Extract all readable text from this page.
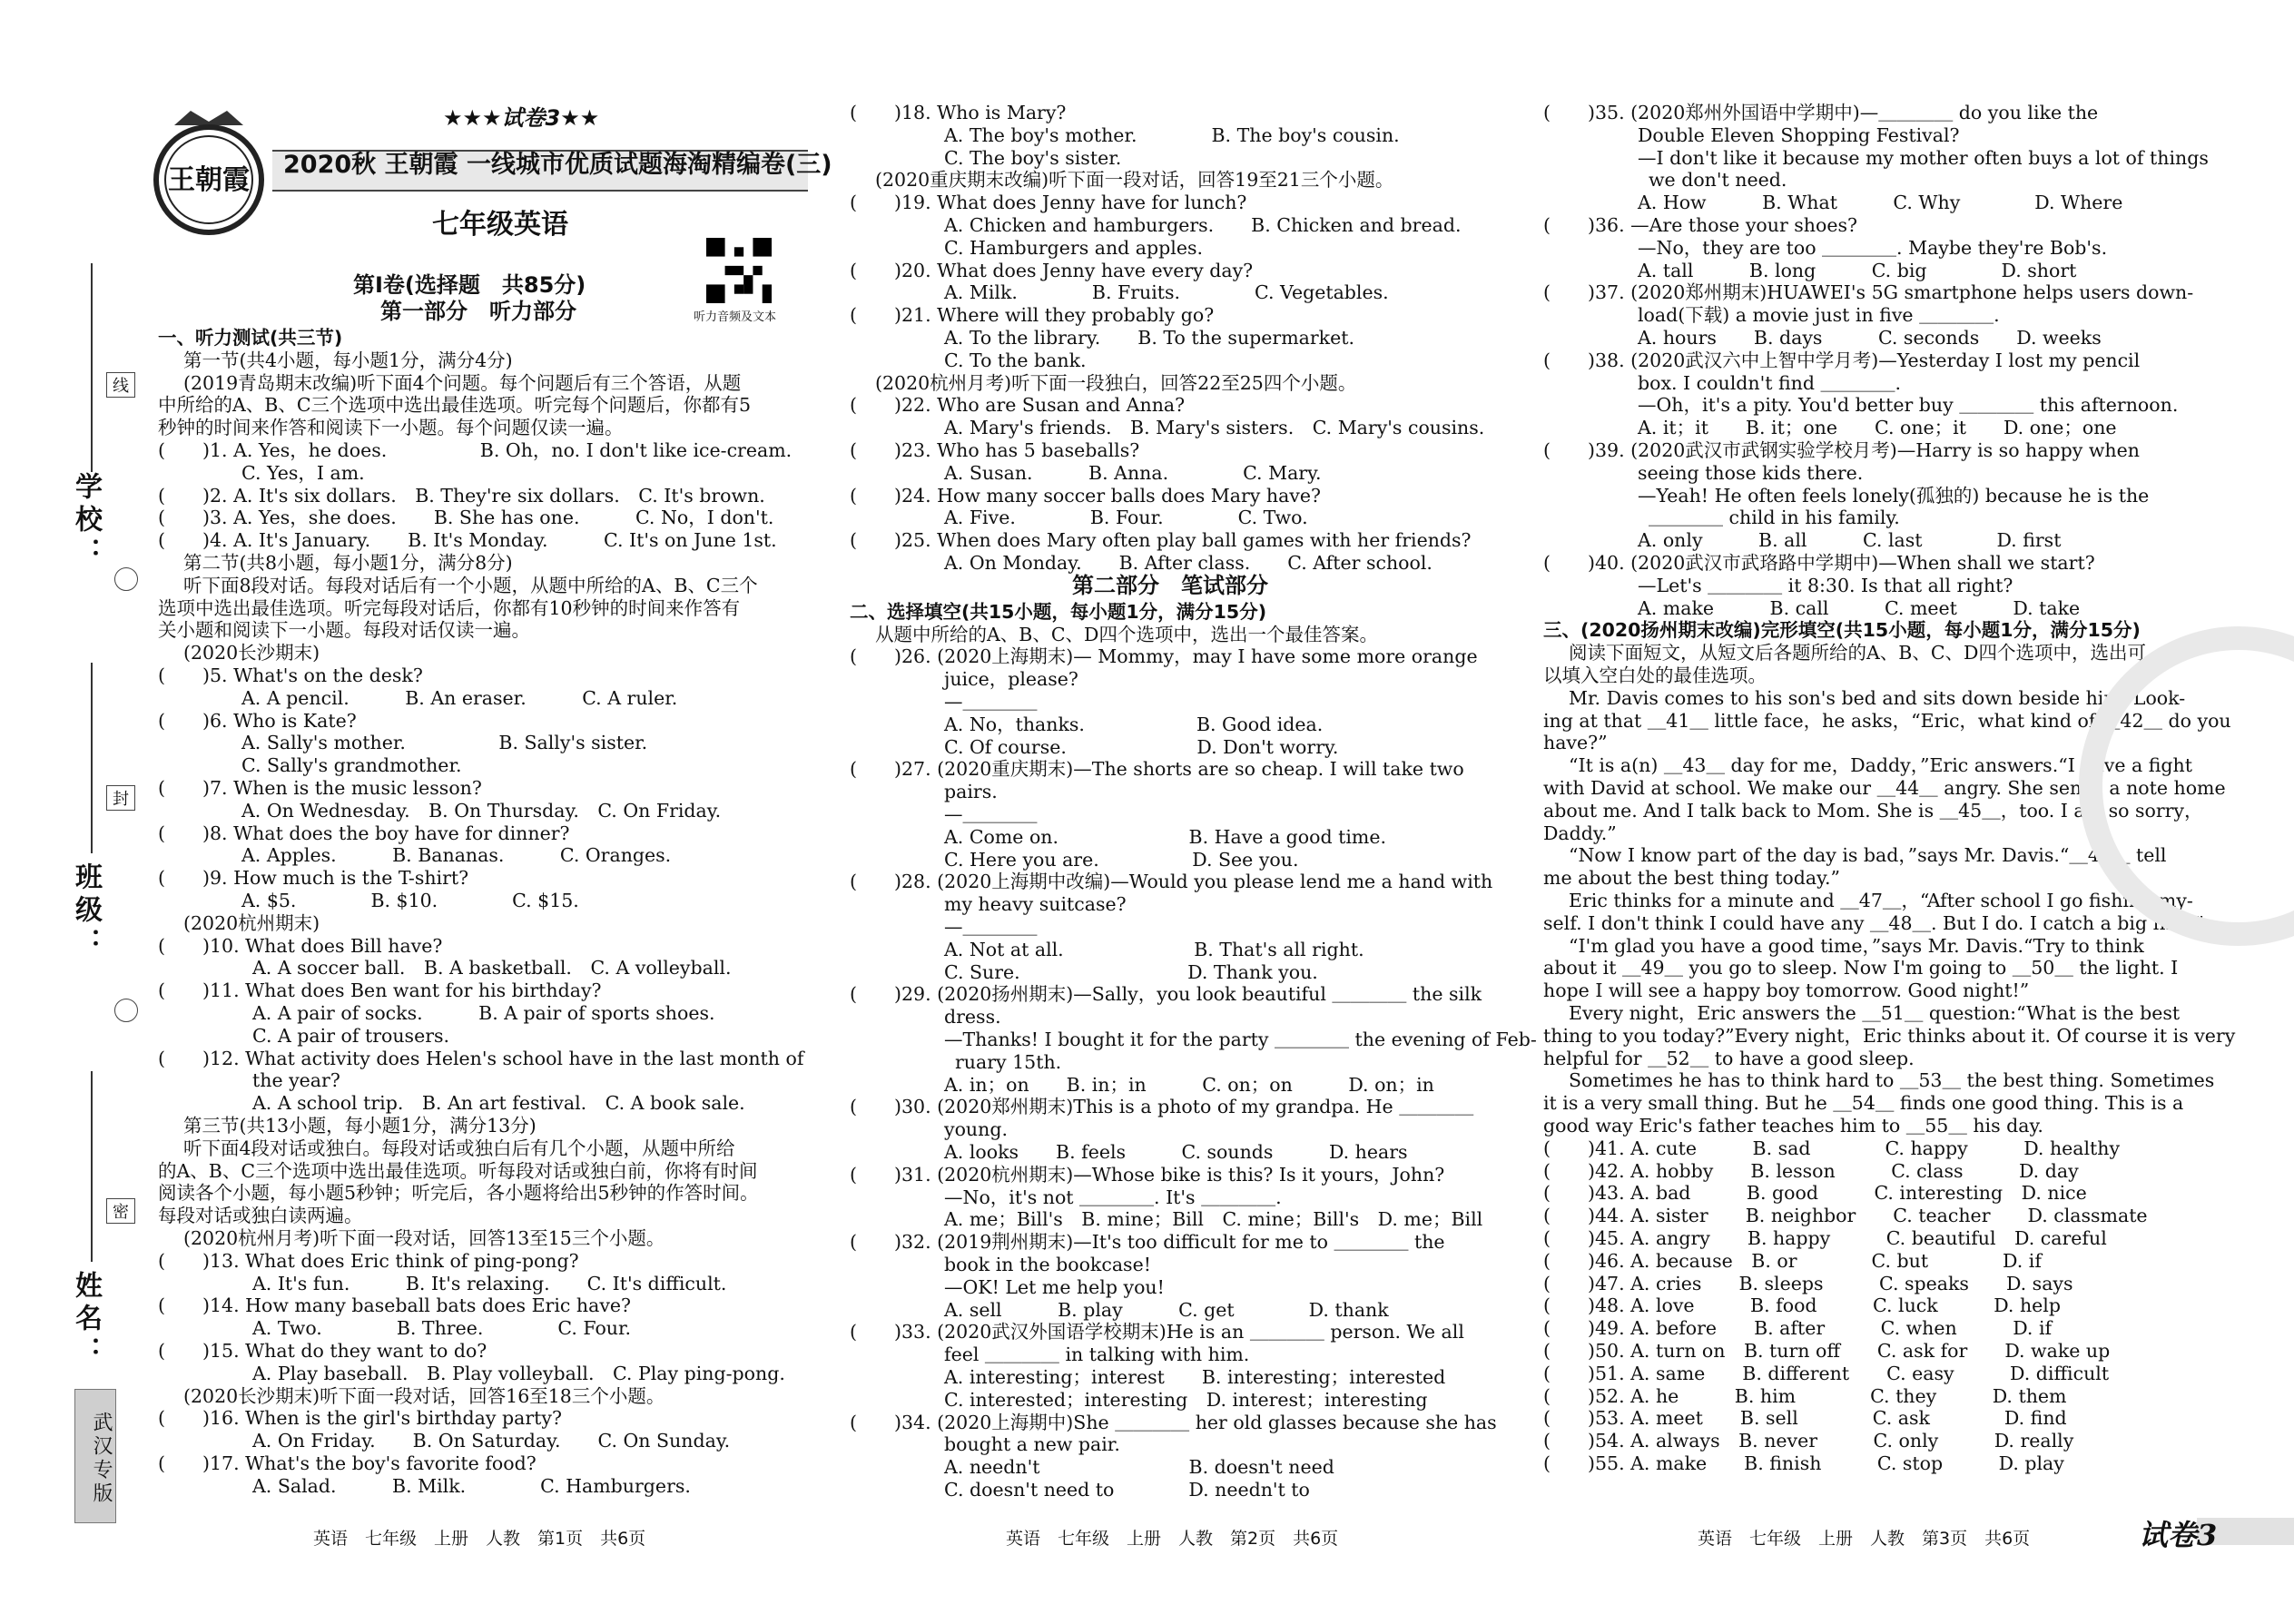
学校：
班级：
姓名：
线
封
密
武汉专版
王朝霞
★★★试卷3★★
2020秋 王朝霞 一线城市优质试题海淘精编卷(三)
七年级英语
听力音频及文本
第Ⅰ卷(选择题　共85分)
第一部分　听力部分
一、听力测试(共三节)
第一节(共4小题，每小题1分，满分4分)
(2019青岛期末改编)听下面4个问题。每个问题后有三个答语，从题
中所给的A、B、C三个选项中选出最佳选项。听完每个问题后，你都有5
秒钟的时间来作答和阅读下一小题。每个问题仅读一遍。
(　　)1. A. Yes，he does.　　　　　B. Oh，no. I don't like ice-cream.
C. Yes，I am.
(　　)2. A. It's six dollars.　B. They're six dollars.　C. It's brown.
(　　)3. A. Yes，she does.　　B. She has one.　　　C. No，I don't.
(　　)4. A. It's January.　　B. It's Monday.　　　C. It's on June 1st.
第二节(共8小题，每小题1分，满分8分)
听下面8段对话。每段对话后有一个小题，从题中所给的A、B、C三个
选项中选出最佳选项。听完每段对话后，你都有10秒钟的时间来作答有
关小题和阅读下一小题。每段对话仅读一遍。
(2020长沙期末)
(　　)5. What's on the desk?
A. A pencil.　　　B. An eraser.　　　C. A ruler.
(　　)6. Who is Kate?
A. Sally's mother.　　　　　B. Sally's sister.
C. Sally's grandmother.
(　　)7. When is the music lesson?
A. On Wednesday.　B. On Thursday.　C. On Friday.
(　　)8. What does the boy have for dinner?
A. Apples.　　　B. Bananas.　　　C. Oranges.
(　　)9. How much is the T-shirt?
A. $5.　　　　B. $10.　　　　C. $15.
(2020杭州期末)
(　　)10. What does Bill have?
A. A soccer ball.　B. A basketball.　C. A volleyball.
(　　)11. What does Ben want for his birthday?
A. A pair of socks.　　　B. A pair of sports shoes.
C. A pair of trousers.
(　　)12. What activity does Helen's school have in the last month of
the year?
A. A school trip.　B. An art festival.　C. A book sale.
第三节(共13小题，每小题1分，满分13分)
听下面4段对话或独白。每段对话或独白后有几个小题，从题中所给
的A、B、C三个选项中选出最佳选项。听每段对话或独白前，你将有时间
阅读各个小题，每小题5秒钟；听完后，各小题将给出5秒钟的作答时间。
每段对话或独白读两遍。
(2020杭州月考)听下面一段对话，回答13至15三个小题。
(　　)13. What does Eric think of ping-pong?
A. It's fun.　　　B. It's relaxing.　　C. It's difficult.
(　　)14. How many baseball bats does Eric have?
A. Two.　　　　B. Three.　　　　C. Four.
(　　)15. What do they want to do?
A. Play baseball.　B. Play volleyball.　C. Play ping-pong.
(2020长沙期末)听下面一段对话，回答16至18三个小题。
(　　)16. When is the girl's birthday party?
A. On Friday.　　B. On Saturday.　　C. On Sunday.
(　　)17. What's the boy's favorite food?
A. Salad.　　　B. Milk.　　　　C. Hamburgers.
(　　)18. Who is Mary?
A. The boy's mother.　　　　B. The boy's cousin.
C. The boy's sister.
(2020重庆期末改编)听下面一段对话，回答19至21三个小题。
(　　)19. What does Jenny have for lunch?
A. Chicken and hamburgers.　　B. Chicken and bread.
C. Hamburgers and apples.
(　　)20. What does Jenny have every day?
A. Milk.　　　　B. Fruits.　　　　C. Vegetables.
(　　)21. Where will they probably go?
A. To the library.　　B. To the supermarket.
C. To the bank.
(2020杭州月考)听下面一段独白，回答22至25四个小题。
(　　)22. Who are Susan and Anna?
A. Mary's friends.　B. Mary's sisters.　C. Mary's cousins.
(　　)23. Who has 5 baseballs?
A. Susan.　　　B. Anna.　　　　C. Mary.
(　　)24. How many soccer balls does Mary have?
A. Five.　　　　B. Four.　　　　C. Two.
(　　)25. When does Mary often play ball games with her friends?
A. On Monday.　　B. After class.　　C. After school.
第二部分　笔试部分
二、选择填空(共15小题，每小题1分，满分15分)
从题中所给的A、B、C、D四个选项中，选出一个最佳答案。
(　　)26. (2020上海期末)— Mommy，may I have some more orange
juice，please?
—＿＿＿＿
A. No，thanks.　　　　　　B. Good idea.
C. Of course.　　　　　　　D. Don't worry.
(　　)27. (2020重庆期末)—The shorts are so cheap. I will take two
pairs.
—＿＿＿＿
A. Come on.　　　　　　　B. Have a good time.
C. Here you are.　　　　　D. See you.
(　　)28. (2020上海期中改编)—Would you please lend me a hand with
my heavy suitcase?
—＿＿＿＿
A. Not at all.　　　　　　　B. That's all right.
C. Sure.　　　　　　　　　D. Thank you.
(　　)29. (2020扬州期末)—Sally，you look beautiful ＿＿＿＿ the silk
dress.
—Thanks! I bought it for the party ＿＿＿＿ the evening of Feb-
ruary 15th.
A. in；on　　B. in；in　　　C. on；on　　　D. on；in
(　　)30. (2020郑州期末)This is a photo of my grandpa. He ＿＿＿＿
young.
A. looks　　B. feels　　　C. sounds　　　D. hears
(　　)31. (2020杭州期末)—Whose bike is this? Is it yours，John?
—No，it's not ＿＿＿＿. It's ＿＿＿＿.
A. me；Bill's　B. mine；Bill　C. mine；Bill's　D. me；Bill
(　　)32. (2019荆州期末)—It's too difficult for me to ＿＿＿＿ the
book in the bookcase!
—OK! Let me help you!
A. sell　　　B. play　　　C. get　　　　D. thank
(　　)33. (2020武汉外国语学校期末)He is an ＿＿＿＿ person. We all
feel ＿＿＿＿ in talking with him.
A. interesting；interest　　B. interesting；interested
C. interested；interesting　D. interest；interesting
(　　)34. (2020上海期中)She ＿＿＿＿ her old glasses because she has
bought a new pair.
A. needn't　　　　　　　　B. doesn't need
C. doesn't need to　　　　D. needn't to
(　　)35. (2020郑州外国语中学期中)—＿＿＿＿ do you like the
Double Eleven Shopping Festival?
—I don't like it because my mother often buys a lot of things
we don't need.
A. How　　　B. What　　　C. Why　　　　D. Where
(　　)36. —Are those your shoes?
—No，they are too ＿＿＿＿. Maybe they're Bob's.
A. tall　　　B. long　　　C. big　　　　D. short
(　　)37. (2020郑州期末)HUAWEI's 5G smartphone helps users down-
load(下载) a movie just in five ＿＿＿＿.
A. hours　　B. days　　　C. seconds　　D. weeks
(　　)38. (2020武汉六中上智中学月考)—Yesterday I lost my pencil
box. I couldn't find ＿＿＿＿.
—Oh，it's a pity. You'd better buy ＿＿＿＿ this afternoon.
A. it；it　　B. it；one　　C. one；it　　D. one；one
(　　)39. (2020武汉市武钢实验学校月考)—Harry is so happy when
seeing those kids there.
—Yeah! He often feels lonely(孤独的) because he is the
＿＿＿＿ child in his family.
A. only　　　B. all　　　C. last　　　　D. first
(　　)40. (2020武汉市武珞路中学期中)—When shall we start?
—Let's ＿＿＿＿ it 8:30. Is that all right?
A. make　　　B. call　　　C. meet　　　D. take
三、(2020扬州期末改编)完形填空(共15小题，每小题1分，满分15分)
阅读下面短文，从短文后各题所给的A、B、C、D四个选项中，选出可
以填入空白处的最佳选项。
Mr. Davis comes to his son's bed and sits down beside him. Look-
ing at that ＿41＿ little face，he asks，“Eric，what kind of ＿42＿ do you
have?”
“It is a(n) ＿43＿ day for me，Daddy，”Eric answers.“I have a fight
with David at school. We make our ＿44＿ angry. She sends a note home
about me. And I talk back to Mom. She is ＿45＿，too. I am so sorry，
Daddy.”
“Now I know part of the day is bad，”says Mr. Davis.“＿46＿ tell
me about the best thing today.”
Eric thinks for a minute and ＿47＿，“After school I go fishing my-
self. I don't think I could have any ＿48＿. But I do. I catch a big fish!”
“I'm glad you have a good time，”says Mr. Davis.“Try to think
about it ＿49＿ you go to sleep. Now I'm going to ＿50＿ the light. I
hope I will see a happy boy tomorrow. Good night!”
Every night，Eric answers the ＿51＿ question:“What is the best
thing to you today?”Every night，Eric thinks about it. Of course it is very
helpful for ＿52＿ to have a good sleep.
Sometimes he has to think hard to ＿53＿ the best thing. Sometimes
it is a very small thing. But he ＿54＿ finds one good thing. This is a
good way Eric's father teaches him to ＿55＿ his day.
(　　)41. A. cute　　　B. sad　　　　C. happy　　　D. healthy
(　　)42. A. hobby　　B. lesson　　　C. class　　　D. day
(　　)43. A. bad　　　B. good　　　C. interesting　D. nice
(　　)44. A. sister　　B. neighbor　　C. teacher　　D. classmate
(　　)45. A. angry　　B. happy　　　C. beautiful　D. careful
(　　)46. A. because　B. or　　　　C. but　　　　D. if
(　　)47. A. cries　　B. sleeps　　　C. speaks　　D. says
(　　)48. A. love　　　B. food　　　C. luck　　　D. help
(　　)49. A. before　　B. after　　　C. when　　　D. if
(　　)50. A. turn on　B. turn off　　C. ask for　　D. wake up
(　　)51. A. same　　B. different　　C. easy　　　D. difficult
(　　)52. A. he　　　B. him　　　　C. they　　　D. them
(　　)53. A. meet　　B. sell　　　　C. ask　　　　D. find
(　　)54. A. always　B. never　　　C. only　　　D. really
(　　)55. A. make　　B. finish　　　C. stop　　　D. play
英语　七年级　上册　人教　第1页　共6页	英语　七年级　上册　人教　第2页　共6页	英语　七年级　上册　人教　第3页　共6页	试卷3
